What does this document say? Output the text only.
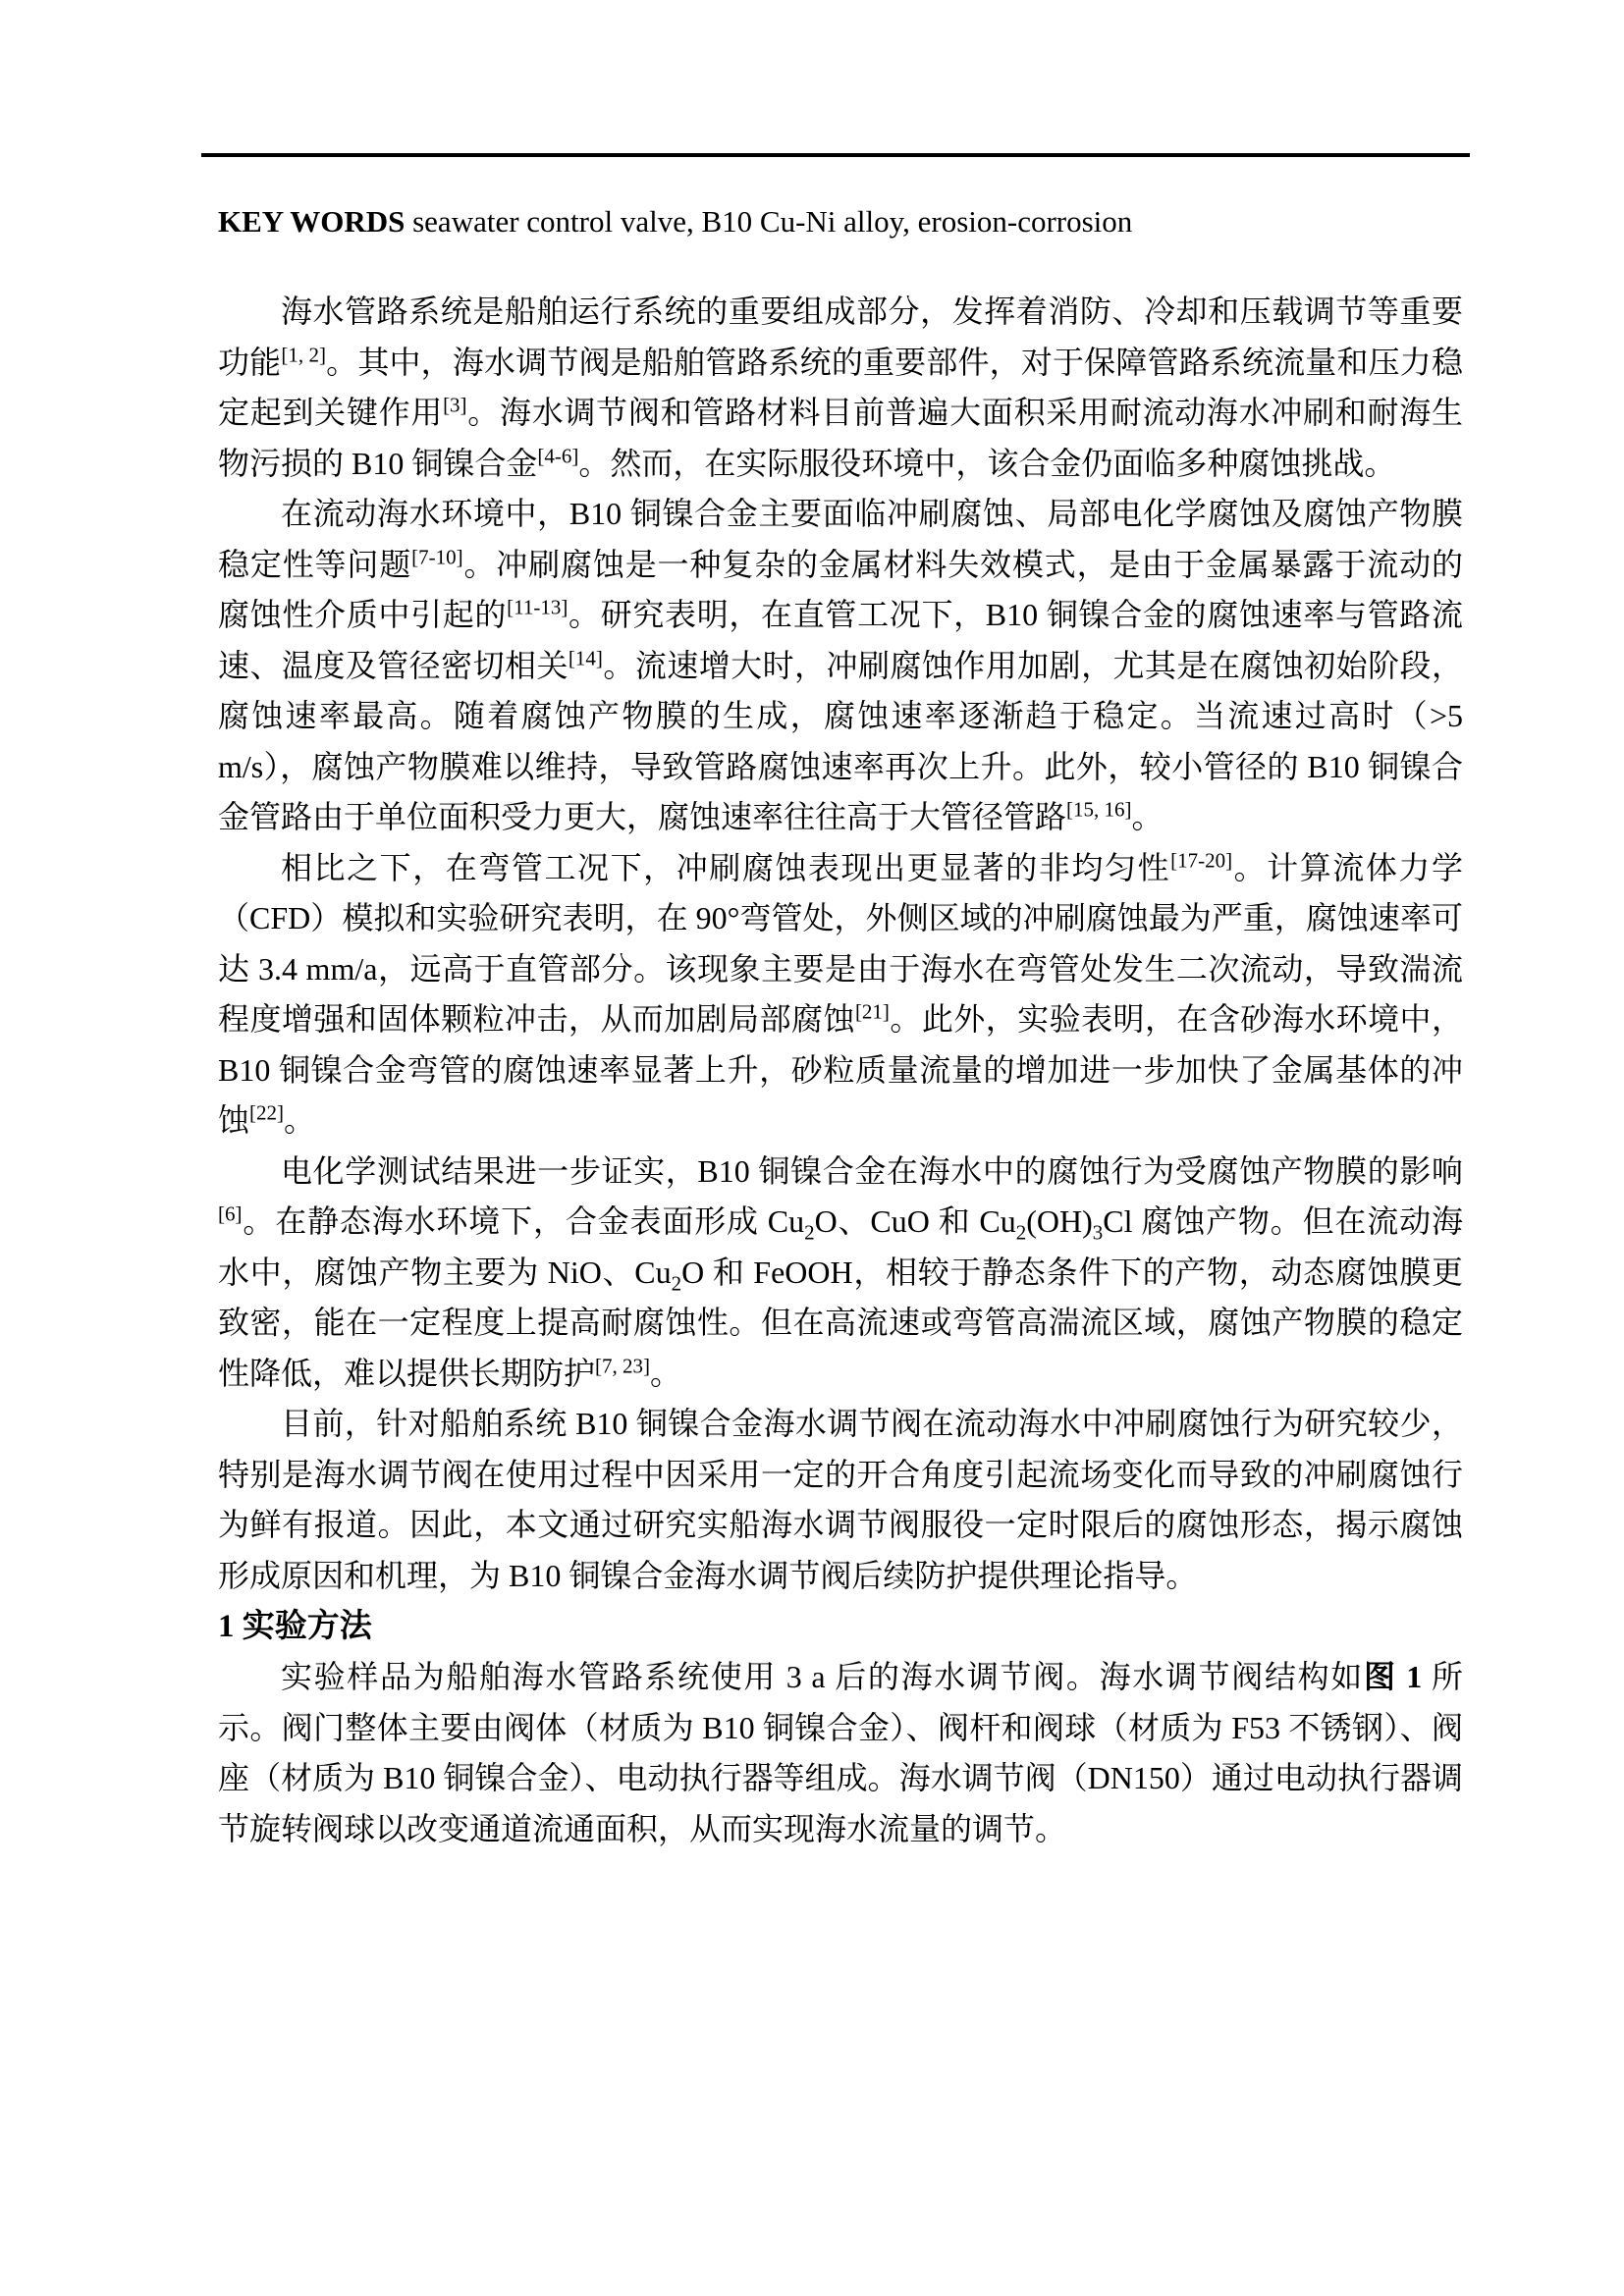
KEY WORDS seawater control valve, B10 Cu-Ni alloy, erosion-corrosion

海水管路系统是船舶运行系统的重要组成部分，发挥着消防、冷却和压载调节等重要功能[1, 2]。其中，海水调节阀是船舶管路系统的重要部件，对于保障管路系统流量和压力稳定起到关键作用[3]。海水调节阀和管路材料目前普遍大面积采用耐流动海水冲刷和耐海生物污损的 B10 铜镍合金[4-6]。然而，在实际服役环境中，该合金仍面临多种腐蚀挑战。

在流动海水环境中，B10 铜镍合金主要面临冲刷腐蚀、局部电化学腐蚀及腐蚀产物膜稳定性等问题[7-10]。冲刷腐蚀是一种复杂的金属材料失效模式，是由于金属暴露于流动的腐蚀性介质中引起的[11-13]。研究表明，在直管工况下，B10 铜镍合金的腐蚀速率与管路流速、温度及管径密切相关[14]。流速增大时，冲刷腐蚀作用加剧，尤其是在腐蚀初始阶段，腐蚀速率最高。随着腐蚀产物膜的生成，腐蚀速率逐渐趋于稳定。当流速过高时（>5 m/s），腐蚀产物膜难以维持，导致管路腐蚀速率再次上升。此外，较小管径的 B10 铜镍合金管路由于单位面积受力更大，腐蚀速率往往高于大管径管路[15, 16]。

相比之下，在弯管工况下，冲刷腐蚀表现出更显著的非均匀性[17-20]。计算流体力学（CFD）模拟和实验研究表明，在 90°弯管处，外侧区域的冲刷腐蚀最为严重，腐蚀速率可达 3.4 mm/a，远高于直管部分。该现象主要是由于海水在弯管处发生二次流动，导致湍流程度增强和固体颗粒冲击，从而加剧局部腐蚀[21]。此外，实验表明，在含砂海水环境中，B10 铜镍合金弯管的腐蚀速率显著上升，砂粒质量流量的增加进一步加快了金属基体的冲蚀[22]。

电化学测试结果进一步证实，B10 铜镍合金在海水中的腐蚀行为受腐蚀产物膜的影响[6]。在静态海水环境下，合金表面形成 $Cu_2O$、CuO 和 $Cu_2(OH)_3Cl$ 腐蚀产物。但在流动海水中，腐蚀产物主要为 NiO、$Cu_2O$ 和 FeOOH，相较于静态条件下的产物，动态腐蚀膜更致密，能在一定程度上提高耐腐蚀性。但在高流速或弯管高湍流区域，腐蚀产物膜的稳定性降低，难以提供长期防护[7, 23]。

目前，针对船舶系统 B10 铜镍合金海水调节阀在流动海水中冲刷腐蚀行为研究较少，特别是海水调节阀在使用过程中因采用一定的开合角度引起流场变化而导致的冲刷腐蚀行为鲜有报道。因此，本文通过研究实船海水调节阀服役一定时限后的腐蚀形态，揭示腐蚀形成原因和机理，为 B10 铜镍合金海水调节阀后续防护提供理论指导。

1 实验方法

实验样品为船舶海水管路系统使用 3 a 后的海水调节阀。海水调节阀结构如图 1 所示。阀门整体主要由阀体（材质为 B10 铜镍合金）、阀杆和阀球（材质为 F53 不锈钢）、阀座（材质为 B10 铜镍合金）、电动执行器等组成。海水调节阀（DN150）通过电动执行器调节旋转阀球以改变通道流通面积，从而实现海水流量的调节。
